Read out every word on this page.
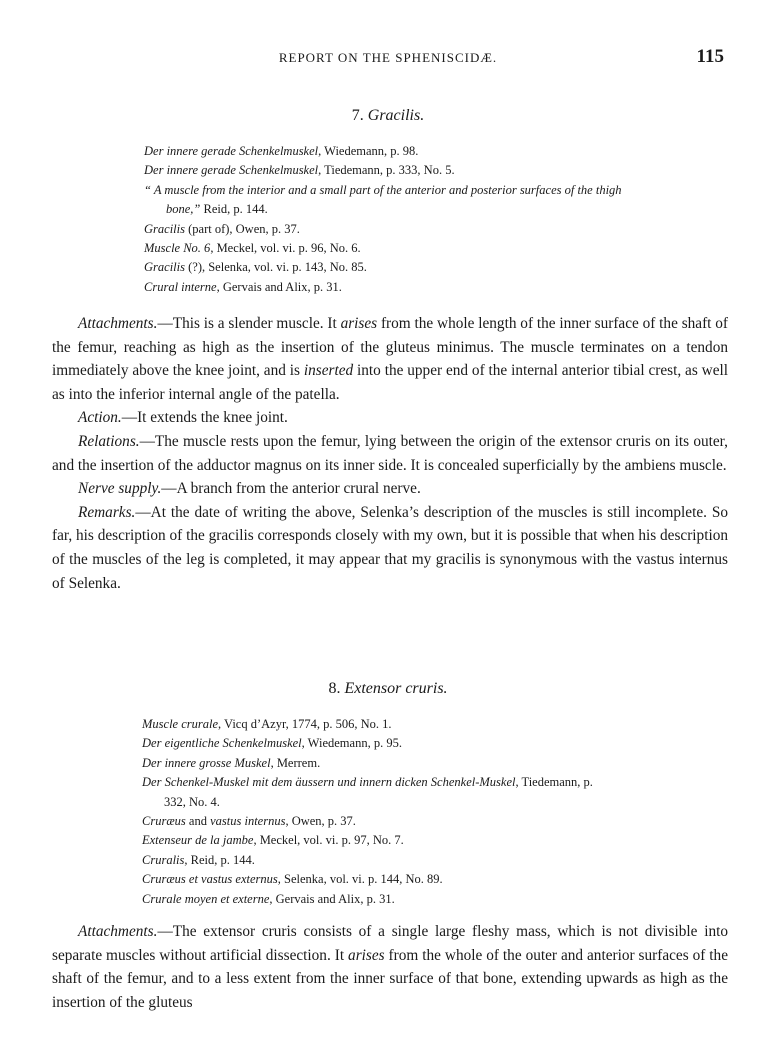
REPORT ON THE SPHENISCIDÆ.	115
7. Gracilis.
Der innere gerade Schenkelmuskel, Wiedemann, p. 98.
Der innere gerade Schenkelmuskel, Tiedemann, p. 333, No. 5.
“ A muscle from the interior and a small part of the anterior and posterior surfaces of the thigh
bone,” Reid, p. 144.
Gracilis (part of), Owen, p. 37.
Muscle No. 6, Meckel, vol. vi. p. 96, No. 6.
Gracilis (?), Selenka, vol. vi. p. 143, No. 85.
Crural interne, Gervais and Alix, p. 31.

Attachments.—This is a slender muscle. It arises from the whole length of the inner surface of the shaft of the femur, reaching as high as the insertion of the gluteus minimus. The muscle terminates on a tendon immediately above the knee joint, and is inserted into the upper end of the internal anterior tibial crest, as well as into the inferior internal angle of the patella.

Action.—It extends the knee joint.

Relations.—The muscle rests upon the femur, lying between the origin of the extensor cruris on its outer, and the insertion of the adductor magnus on its inner side. It is concealed superficially by the ambiens muscle.

Nerve supply.—A branch from the anterior crural nerve.

Remarks.—At the date of writing the above, Selenka’s description of the muscles is still incomplete. So far, his description of the gracilis corresponds closely with my own, but it is possible that when his description of the muscles of the leg is completed, it may appear that my gracilis is synonymous with the vastus internus of Selenka.

8. Extensor cruris.
Muscle crurale, Vicq d’Azyr, 1774, p. 506, No. 1.
Der eigentliche Schenkelmuskel, Wiedemann, p. 95.
Der innere grosse Muskel, Merrem.
Der Schenkel-Muskel mit dem äussern und innern dicken Schenkel-Muskel, Tiedemann, p.
332, No. 4.
Cruræus and vastus internus, Owen, p. 37.
Extenseur de la jambe, Meckel, vol. vi. p. 97, No. 7.
Cruralis, Reid, p. 144.
Cruræus et vastus externus, Selenka, vol. vi. p. 144, No. 89.
Crurale moyen et externe, Gervais and Alix, p. 31.

Attachments.—The extensor cruris consists of a single large fleshy mass, which is not divisible into separate muscles without artificial dissection. It arises from the whole of the outer and anterior surfaces of the shaft of the femur, and to a less extent from the inner surface of that bone, extending upwards as high as the insertion of the gluteus
